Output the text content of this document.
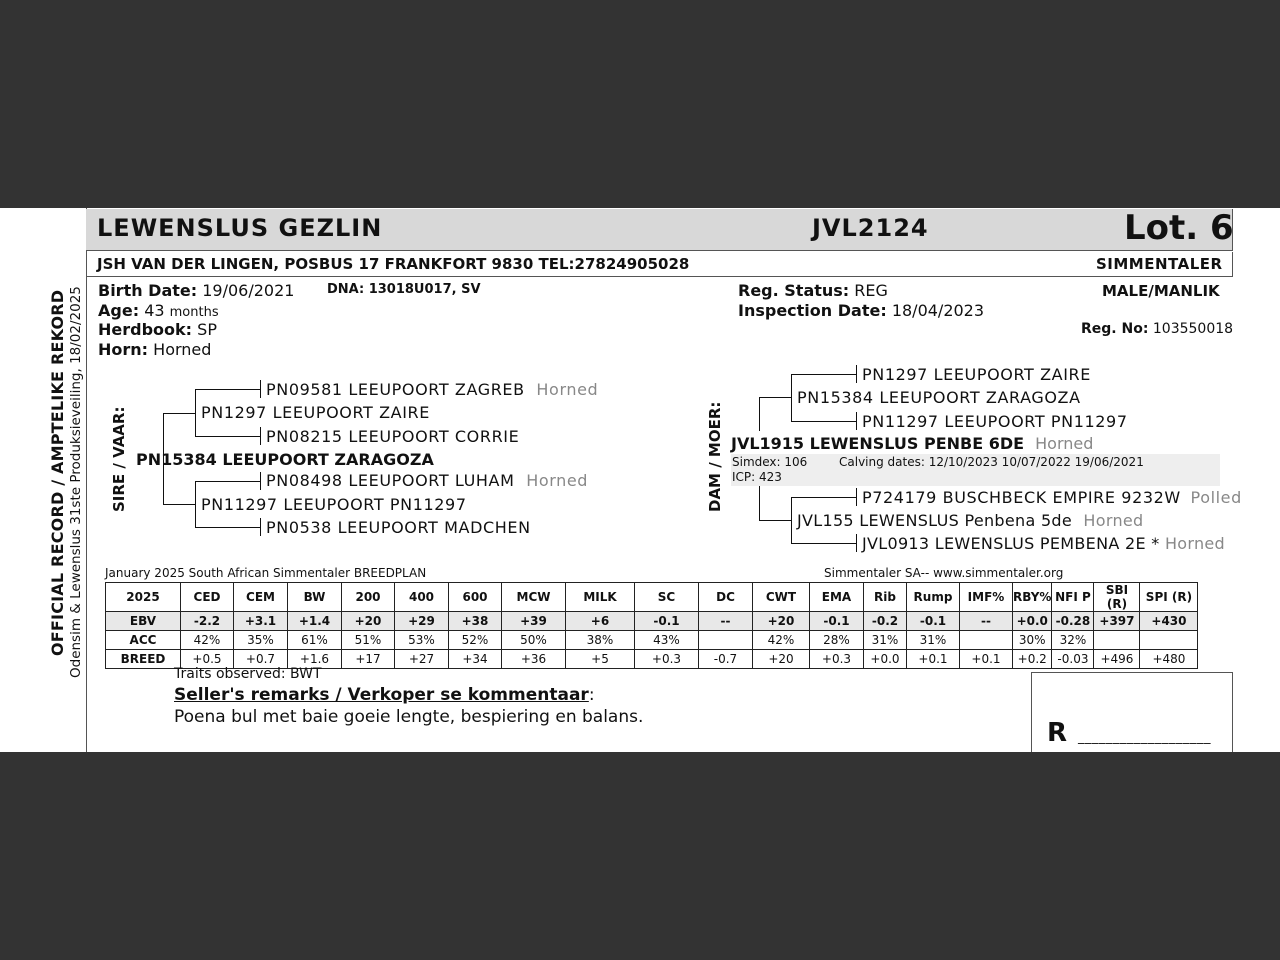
OFFICIAL RECORD / AMPTELIKE REKORD Odensim & Lewenslus 31ste Produksieveiling, 18/02/2025
LEWENSLUS GEZLIN	JVL2124	Lot. 6
JSH VAN DER LINGEN, POSBUS 17 FRANKFORT 9830 TEL:27824905028	SIMMENTALER
Birth Date: 19/06/2021
Age: 43 months
Herdbook: SP
Horn: Horned
DNA: 13018U017, SV	Reg. Status: REG
Inspection Date: 18/04/2023
MALE/MANLIK
Reg. No: 103550018
SIRE / VAAR:
PN09581 LEEUPOORT ZAGREB Horned
PN1297 LEEUPOORT ZAIRE
PN08215 LEEUPOORT CORRIE
PN15384 LEEUPOORT ZARAGOZA
PN08498 LEEUPOORT LUHAM Horned
PN11297 LEEUPOORT PN11297
PN0538 LEEUPOORT MADCHEN
DAM / MOER:
PN1297 LEEUPOORT ZAIRE
PN15384 LEEUPOORT ZARAGOZA
PN11297 LEEUPOORT PN11297
JVL1915 LEWENSLUS PENBE 6DE Horned
Simdex: 106	Calving dates: 12/10/2023 10/07/2022 19/06/2021
ICP: 423
P724179 BUSCHBECK EMPIRE 9232W Polled
JVL155 LEWENSLUS Penbena 5de Horned
JVL0913 LEWENSLUS PEMBENA 2E * Horned
January 2025 South African Simmentaler BREEDPLAN	Simmentaler SA-- www.simmentaler.org
2025	CED	CEM	BW	200	400	600	MCW	MILK	SC	DC	CWT	EMA	Rib	Rump	IMF%	RBY%	NFI P	SBI (R)	SPI (R)
EBV	-2.2	+3.1	+1.4	+20	+29	+38	+39	+6	-0.1	--	+20	-0.1	-0.2	-0.1	--	+0.0	-0.28	+397	+430
ACC	42%	35%	61%	51%	53%	52%	50%	38%	43%		42%	28%	31%	31%		30%	32%		
BREED	+0.5	+0.7	+1.6	+17	+27	+34	+36	+5	+0.3	-0.7	+20	+0.3	+0.0	+0.1	+0.1	+0.2	-0.03	+496	+480
Traits observed: BWT
Seller's remarks / Verkoper se kommentaar:
Poena bul met baie goeie lengte, bespiering en balans.
R ___________________
